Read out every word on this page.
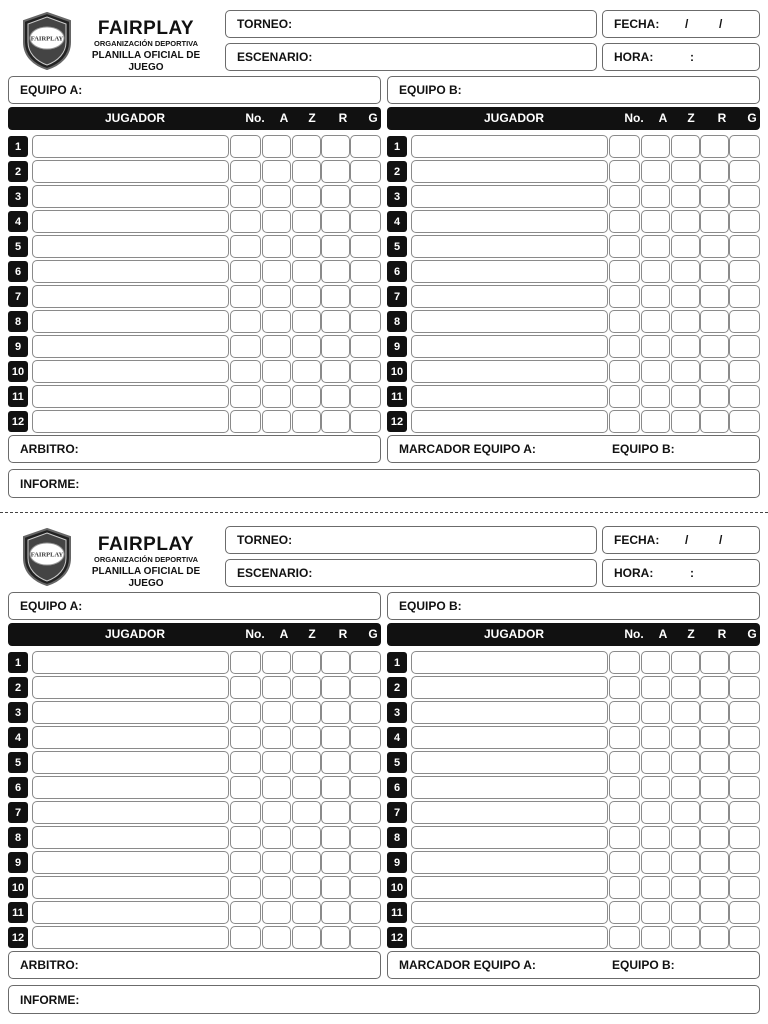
FAIRPLAY	FAIRPLAY
ORGANIZACIÓN DEPORTIVA
PLANILLA OFICIAL DE JUEGO
TORNEO:
ESCENARIO:
FECHA: /	/
HORA:	:
EQUIPO A:	EQUIPO B:
ARBITRO:	MARCADOR EQUIPO A:	EQUIPO B:
INFORME:
JUGADOR	No.	A	Z	R	G
1
2
3
4
5
6
7
8
9
10
11
12
JUGADOR	No.	A	Z	R	G
1
2
3
4
5
6
7
8
9
10
11
12
FAIRPLAY	FAIRPLAY
ORGANIZACIÓN DEPORTIVA
PLANILLA OFICIAL DE JUEGO
TORNEO:
ESCENARIO:
FECHA: /	/
HORA:	:
EQUIPO A:	EQUIPO B:
ARBITRO:	MARCADOR EQUIPO A:	EQUIPO B:
INFORME:
JUGADOR	No.	A	Z	R	G
1
2
3
4
5
6
7
8
9
10
11
12
JUGADOR	No.	A	Z	R	G
1
2
3
4
5
6
7
8
9
10
11
12
